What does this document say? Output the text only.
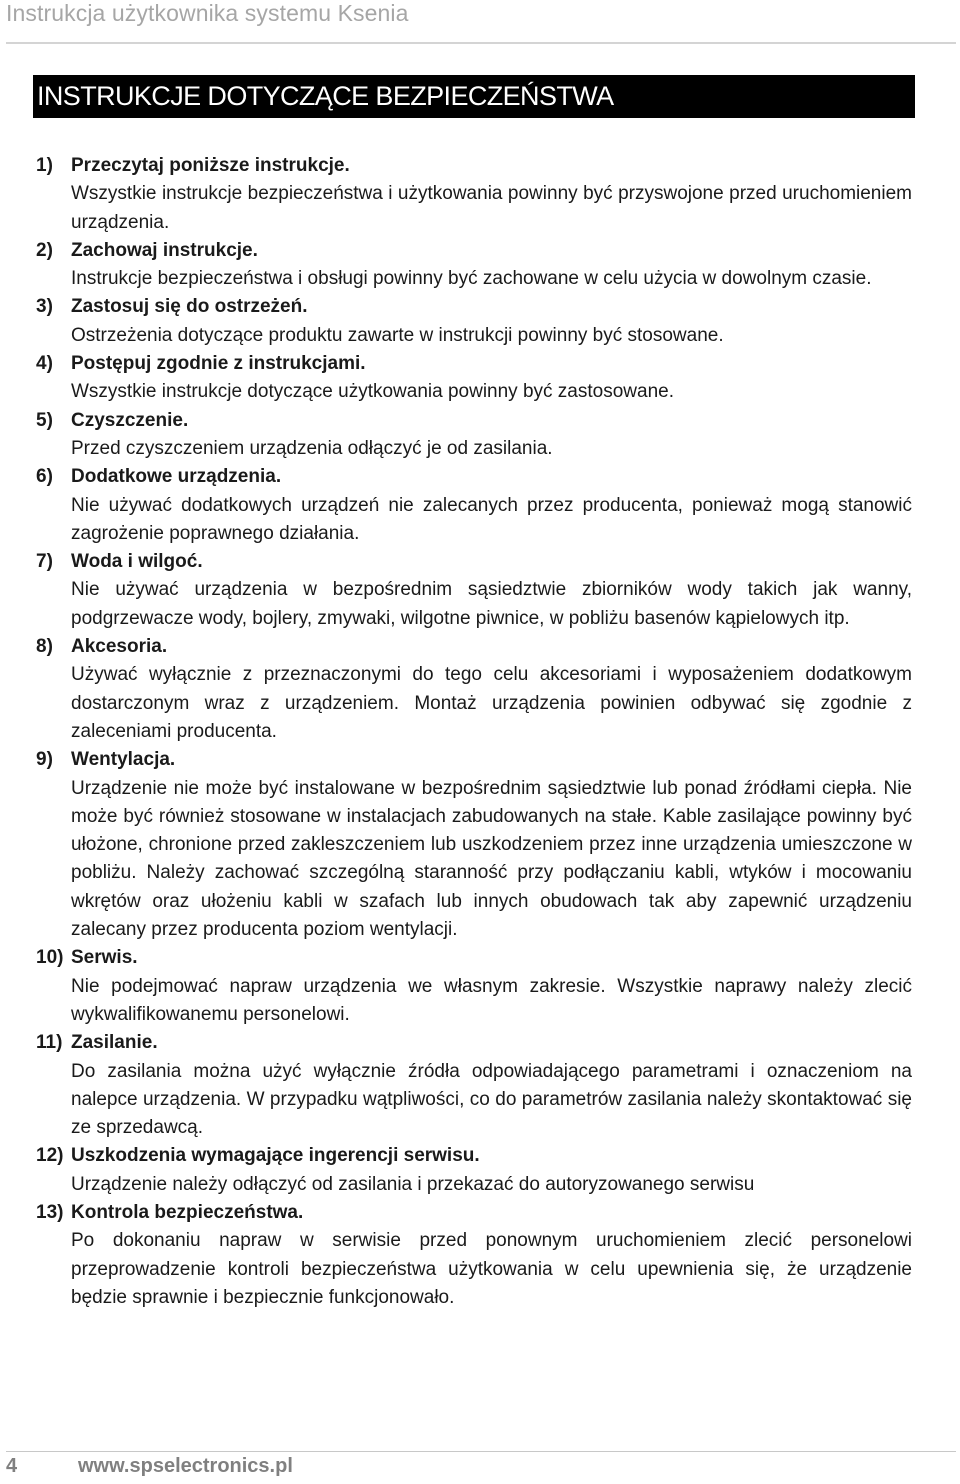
Instrukcja użytkownika systemu Ksenia
INSTRUKCJE DOTYCZĄCE BEZPIECZEŃSTWA
1) Przeczytaj poniższe instrukcje.
Wszystkie instrukcje bezpieczeństwa i użytkowania powinny być przyswojone przed uruchomieniem urządzenia.
2) Zachowaj instrukcje.
Instrukcje bezpieczeństwa i obsługi powinny być zachowane w celu użycia w dowolnym czasie.
3) Zastosuj się do ostrzeżeń.
Ostrzeżenia dotyczące produktu zawarte w instrukcji powinny być stosowane.
4) Postępuj zgodnie z instrukcjami.
Wszystkie instrukcje dotyczące użytkowania powinny być zastosowane.
5) Czyszczenie.
Przed czyszczeniem urządzenia odłączyć je od zasilania.
6) Dodatkowe urządzenia.
Nie używać dodatkowych urządzeń nie zalecanych przez producenta, ponieważ mogą stanowić zagrożenie poprawnego działania.
7) Woda i wilgoć.
Nie używać urządzenia w bezpośrednim sąsiedztwie zbiorników wody takich jak wanny, podgrzewacze wody, bojlery, zmywaki, wilgotne piwnice, w pobliżu basenów kąpielowych itp.
8) Akcesoria.
Używać wyłącznie z przeznaczonymi do tego celu akcesoriami i wyposażeniem dodatkowym dostarczonym wraz z urządzeniem. Montaż urządzenia powinien odbywać się zgodnie z zaleceniami producenta.
9) Wentylacja.
Urządzenie nie może być instalowane w bezpośrednim sąsiedztwie lub ponad źródłami ciepła. Nie może być również stosowane w instalacjach zabudowanych na stałe. Kable zasilające powinny być ułożone, chronione przed zakleszczeniem lub uszkodzeniem przez inne urządzenia umieszczone w pobliżu. Należy zachować szczególną staranność przy podłączaniu kabli, wtyków i mocowaniu wkrętów oraz ułożeniu kabli w szafach lub innych obudowach tak aby zapewnić urządzeniu zalecany przez producenta poziom wentylacji.
10) Serwis.
Nie podejmować napraw urządzenia we własnym zakresie. Wszystkie naprawy należy zlecić wykwalifikowanemu personelowi.
11) Zasilanie.
Do zasilania można użyć wyłącznie źródła odpowiadającego parametrami i oznaczeniom na nalepce urządzenia. W przypadku wątpliwości, co do parametrów zasilania należy skontaktować się ze sprzedawcą.
12) Uszkodzenia wymagające ingerencji serwisu.
Urządzenie należy odłączyć od zasilania i przekazać do autoryzowanego serwisu
13) Kontrola bezpieczeństwa.
Po dokonaniu napraw w serwisie przed ponownym uruchomieniem zlecić personelowi przeprowadzenie kontroli bezpieczeństwa użytkowania w celu upewnienia się, że urządzenie będzie sprawnie i bezpiecznie funkcjonowało.
4	www.spselectronics.pl
